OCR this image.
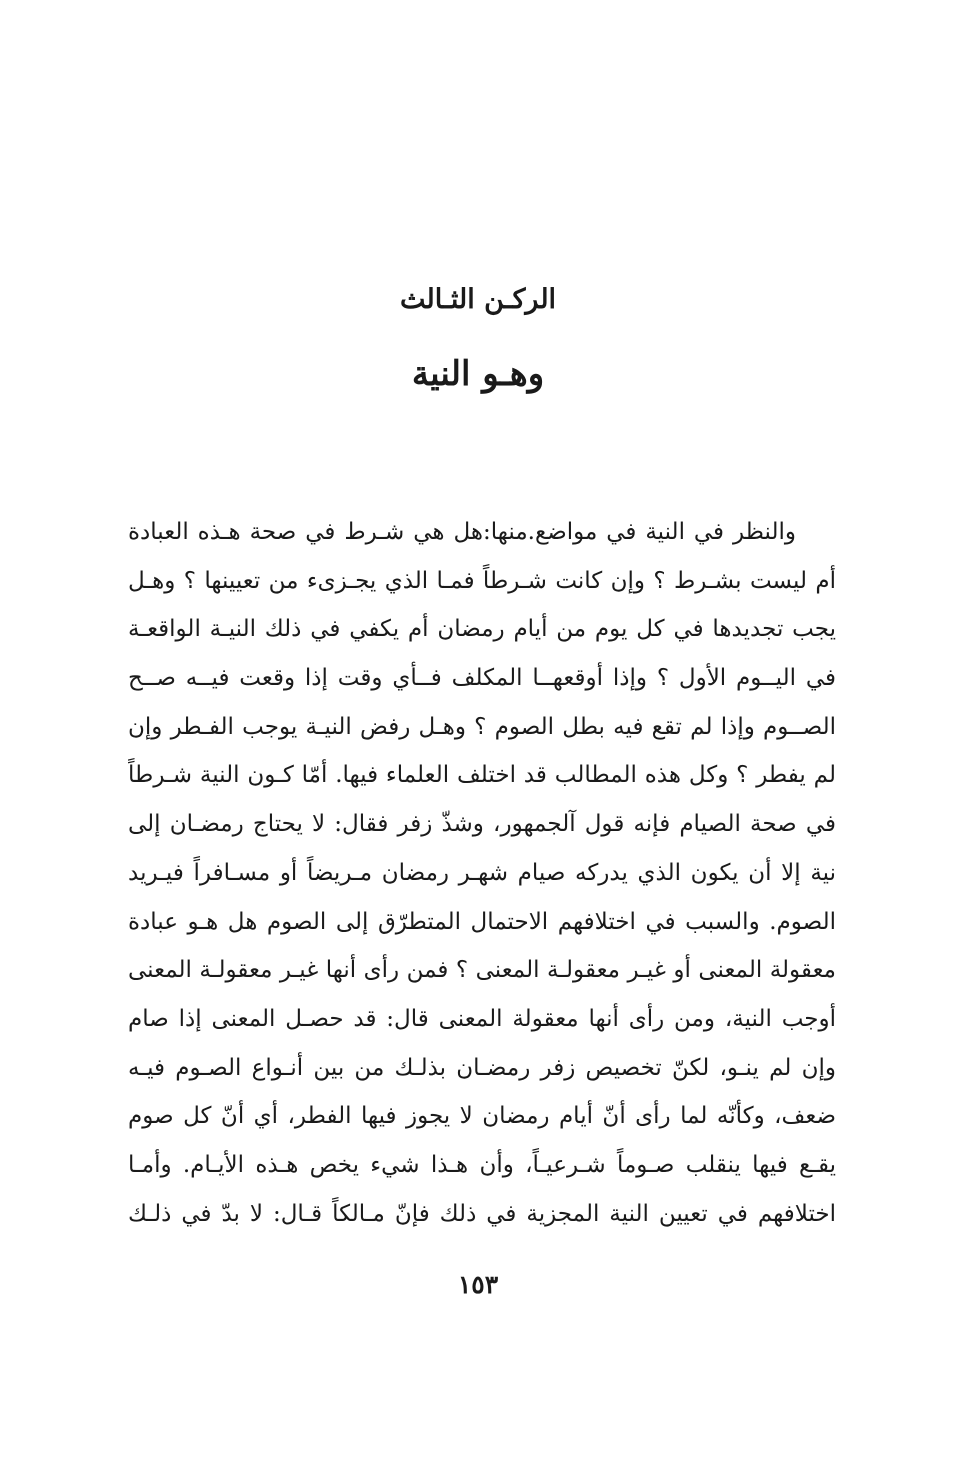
الركـن الثـالث
وهـو النية
والنظر في النية في مواضع.منها:هل هي شـرط في صحة هـذه العبادة
أم ليست بشـرط ؟ وإن كانت شـرطاً فمـا الذي يجـزىء من تعيينها ؟ وهـل
يجب تجديدها في كل يوم من أيام رمضان أم يكفي في ذلك النيـة الواقعـة
في اليــوم الأول ؟ وإذا أوقعهــا المكلف فــأي وقت إذا وقعت فيــه صــح
الصــوم وإذا لم تقع فيه بطل الصوم ؟ وهـل رفض النيـة يوجب الفـطر وإن
لم يفطر ؟ وكل هذه المطالب قد اختلف العلماء فيها. أمّا كـون النية شـرطاً
في صحة الصيام فإنه قول آلجمهور، وشذّ زفر فقال: لا يحتاج رمضـان إلى
نية إلا أن يكون الذي يدركه صيام شهـر رمضان مـريضاً أو مسـافراً فيـريد
الصوم. والسبب في اختلافهم الاحتمال المتطرّق إلى الصوم هل هـو عبادة
معقولة المعنى أو غيـر معقولـة المعنى ؟ فمن رأى أنها غيـر معقولـة المعنى
أوجب النية، ومن رأى أنها معقولة المعنى قال: قد حصـل المعنى إذا صام
وإن لم ينـو، لكنّ تخصيص زفر رمضـان بذلـك من بين أنـواع الصـوم فيـه
ضعف، وكأنّه لما رأى أنّ أيام رمضان لا يجوز فيها الفطر، أي أنّ كل صوم
يقـع فيها ينقلب صـوماً شـرعيـاً، وأن هـذا شيء يخص هـذه الأيـام. وأمـا
اختلافهم في تعيين النية المجزية في ذلك فإنّ مـالكاً قـال: لا بدّ في ذلـك
١٥٣
